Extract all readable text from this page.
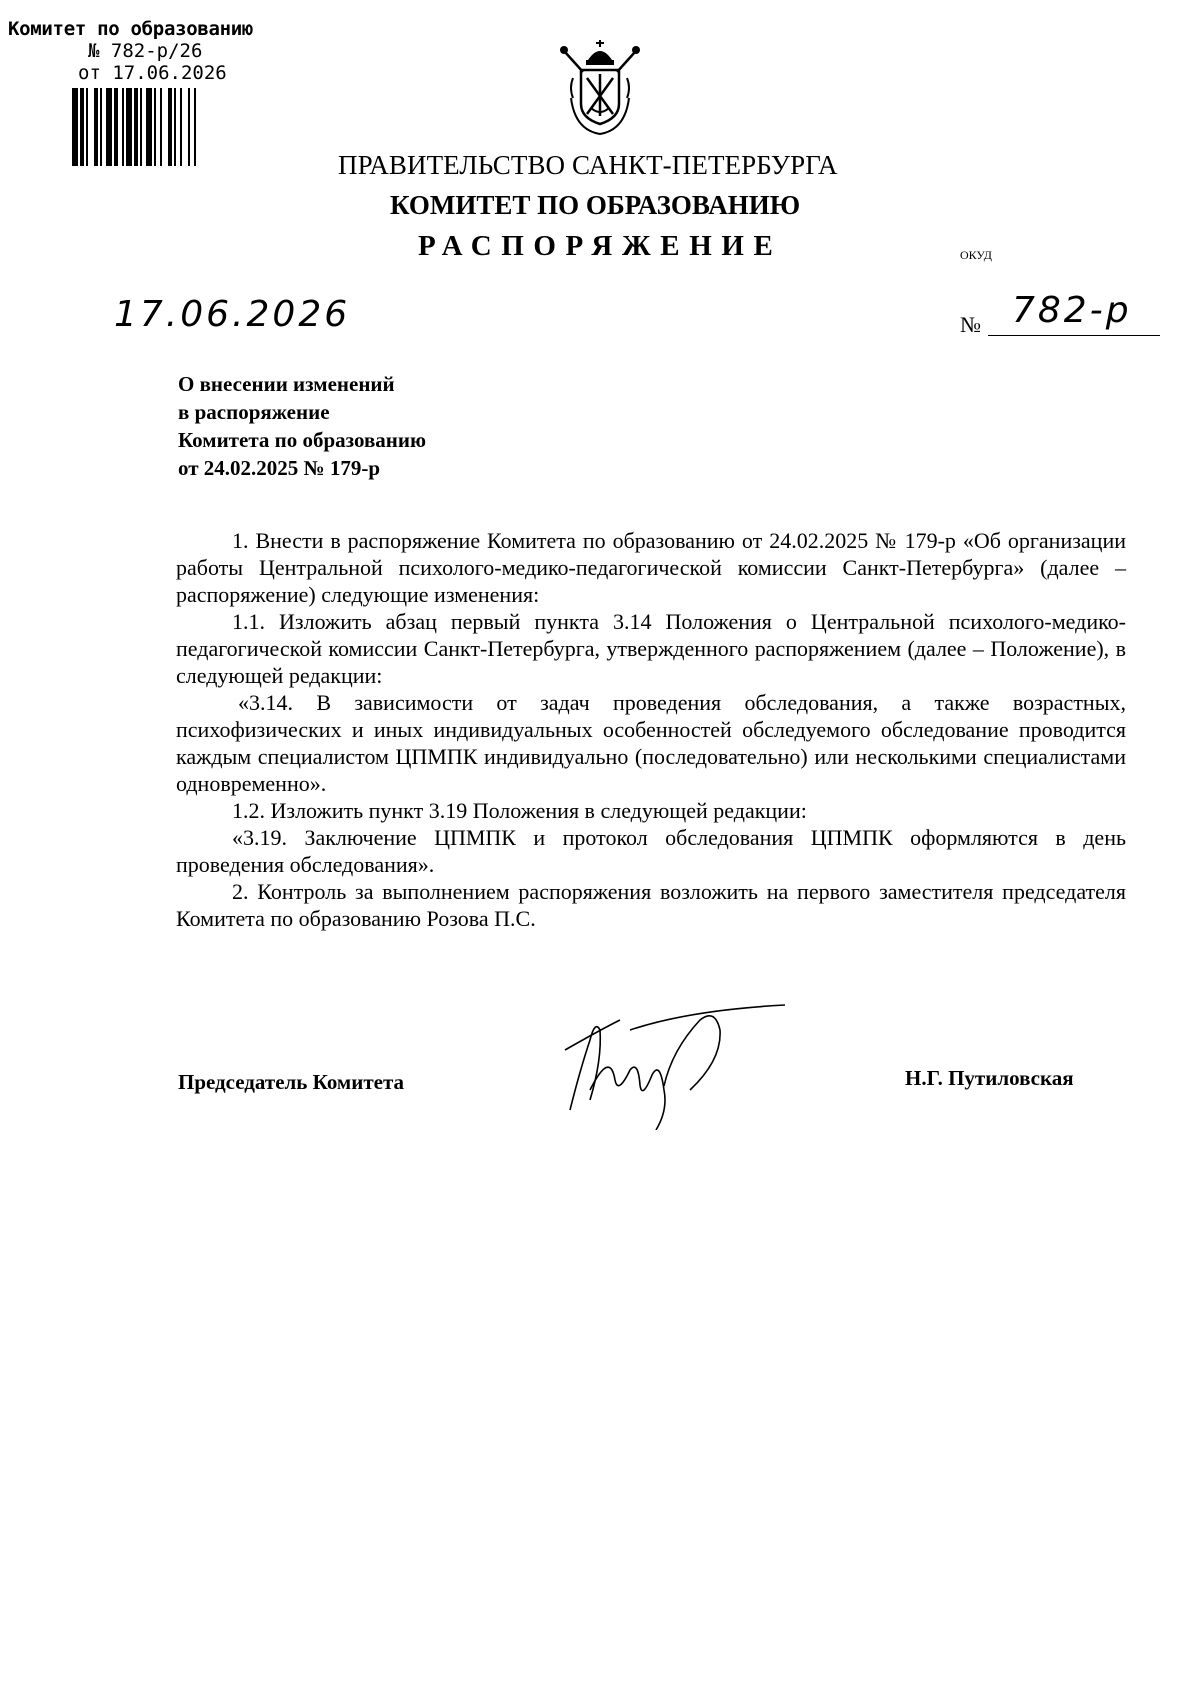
Комитет по образованию
№ 782-р/26
от 17.06.2026
ПРАВИТЕЛЬСТВО САНКТ-ПЕТЕРБУРГА
КОМИТЕТ ПО ОБРАЗОВАНИЮ
РАСПОРЯЖЕНИЕ	ОКУД
17.06.2026	№ 782-р
О внесении изменений
в распоряжение
Комитета по образованию
от 24.02.2025 № 179-р

1. Внести в распоряжение Комитета по образованию от 24.02.2025 № 179-р «Об организации работы Центральной психолого-медико-педагогической комиссии Санкт-Петербурга» (далее – распоряжение) следующие изменения:

1.1. Изложить абзац первый пункта 3.14 Положения о Центральной психолого-медико-педагогической комиссии Санкт-Петербурга, утвержденного распоряжением (далее – Положение), в следующей редакции:

«3.14. В зависимости от задач проведения обследования, а также возрастных, психофизических и иных индивидуальных особенностей обследуемого обследование проводится каждым специалистом ЦПМПК индивидуально (последовательно) или несколькими специалистами одновременно».

1.2. Изложить пункт 3.19 Положения в следующей редакции:

«3.19. Заключение ЦПМПК и протокол обследования ЦПМПК оформляются в день проведения обследования».

2. Контроль за выполнением распоряжения возложить на первого заместителя председателя Комитета по образованию Розова П.С.

Председатель Комитета	Н.Г. Путиловская
